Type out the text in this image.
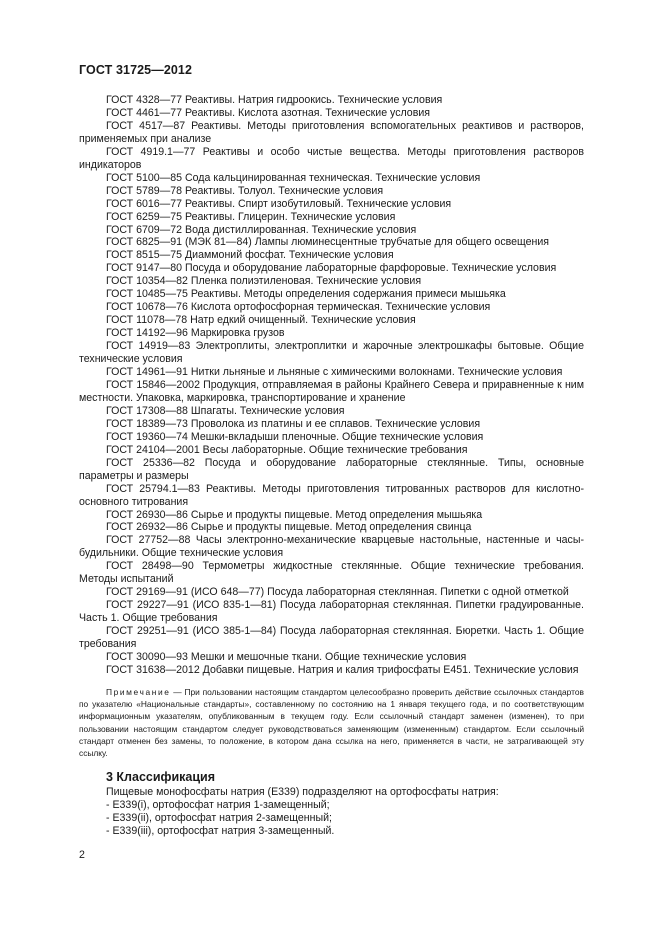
ГОСТ 31725—2012

ГОСТ 4328—77 Реактивы. Натрия гидроокись. Технические условия

ГОСТ 4461—77 Реактивы. Кислота азотная. Технические условия

ГОСТ 4517—87 Реактивы. Методы приготовления вспомогательных реактивов и растворов, применяемых при анализе

ГОСТ 4919.1—77 Реактивы и особо чистые вещества. Методы приготовления растворов индикаторов

ГОСТ 5100—85 Сода кальцинированная техническая. Технические условия

ГОСТ 5789—78 Реактивы. Толуол. Технические условия

ГОСТ 6016—77 Реактивы. Спирт изобутиловый. Технические условия

ГОСТ 6259—75 Реактивы. Глицерин. Технические условия

ГОСТ 6709—72 Вода дистиллированная. Технические условия

ГОСТ 6825—91 (МЭК 81—84) Лампы люминесцентные трубчатые для общего освещения

ГОСТ 8515—75 Диаммоний фосфат. Технические условия

ГОСТ 9147—80 Посуда и оборудование лабораторные фарфоровые. Технические условия

ГОСТ 10354—82 Пленка полиэтиленовая. Технические условия

ГОСТ 10485—75 Реактивы. Методы определения содержания примеси мышьяка

ГОСТ 10678—76 Кислота ортофосфорная термическая. Технические условия

ГОСТ 11078—78 Натр едкий очищенный. Технические условия

ГОСТ 14192—96 Маркировка грузов

ГОСТ 14919—83 Электроплиты, электроплитки и жарочные электрошкафы бытовые. Общие технические условия

ГОСТ 14961—91 Нитки льняные и льняные с химическими волокнами. Технические условия

ГОСТ 15846—2002 Продукция, отправляемая в районы Крайнего Севера и приравненные к ним местности. Упаковка, маркировка, транспортирование и хранение

ГОСТ 17308—88 Шпагаты. Технические условия

ГОСТ 18389—73 Проволока из платины и ее сплавов. Технические условия

ГОСТ 19360—74 Мешки-вкладыши пленочные. Общие технические условия

ГОСТ 24104—2001 Весы лабораторные. Общие технические требования

ГОСТ 25336—82 Посуда и оборудование лабораторные стеклянные. Типы, основные параметры и размеры

ГОСТ 25794.1—83 Реактивы. Методы приготовления титрованных растворов для кислотно-основного титрования

ГОСТ 26930—86 Сырье и продукты пищевые. Метод определения мышьяка

ГОСТ 26932—86 Сырье и продукты пищевые. Метод определения свинца

ГОСТ 27752—88 Часы электронно-механические кварцевые настольные, настенные и часы-будильники. Общие технические условия

ГОСТ 28498—90 Термометры жидкостные стеклянные. Общие технические требования. Методы испытаний

ГОСТ 29169—91 (ИСО 648—77) Посуда лабораторная стеклянная. Пипетки с одной отметкой

ГОСТ 29227—91 (ИСО 835-1—81) Посуда лабораторная стеклянная. Пипетки градуированные. Часть 1. Общие требования

ГОСТ 29251—91 (ИСО 385-1—84) Посуда лабораторная стеклянная. Бюретки. Часть 1. Общие требования

ГОСТ 30090—93 Мешки и мешочные ткани. Общие технические условия

ГОСТ 31638—2012 Добавки пищевые. Натрия и калия трифосфаты Е451. Технические условия

Примечание — При пользовании настоящим стандартом целесообразно проверить действие ссылочных стандартов по указателю «Национальные стандарты», составленному по состоянию на 1 января текущего года, и по соответствующим информационным указателям, опубликованным в текущем году. Если ссылочный стандарт заменен (изменен), то при пользовании настоящим стандартом следует руководствоваться заменяющим (измененным) стандартом. Если ссылочный стандарт отменен без замены, то положение, в котором дана ссылка на него, применяется в части, не затрагивающей эту ссылку.
3 Классификация

Пищевые монофосфаты натрия (Е339) подразделяют на ортофосфаты натрия:

- Е339(i), ортофосфат натрия 1-замещенный;

- Е339(ii), ортофосфат натрия 2-замещенный;

- Е339(iii), ортофосфат натрия 3-замещенный.

2
